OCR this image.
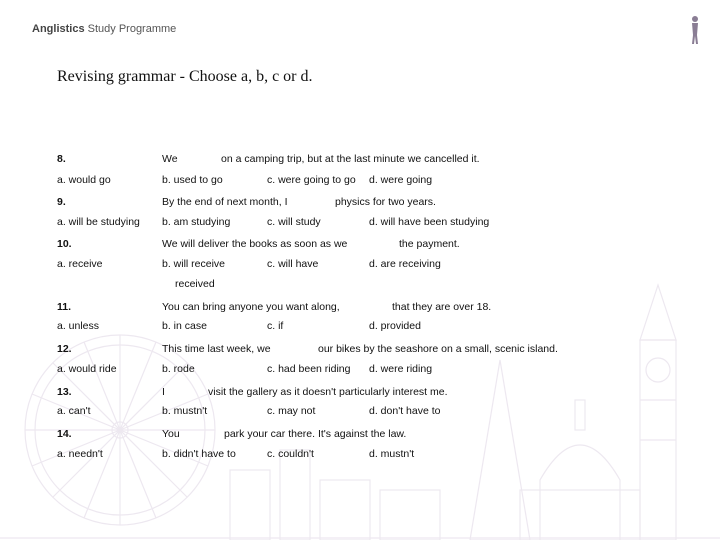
Anglistics Study Programme
Revising grammar - Choose a, b, c or d.
8.	We	on a camping trip, but at the last minute we cancelled it.
a. would go	b. used to go	c. were going to go d. were going
9.	By the end of next month, I	physics for two years.
a. will be studying b. am studying	c. will study	d. will have been studying
10.	We will deliver the books as soon as we	the payment.
a. receive	b. will receive	c. will have	d. are receiving
received
11.	You can bring anyone you want along,	that they are over 18.
a. unless	b. in case	c. if	d. provided
12.	This time last week, we	our bikes by the seashore on a small, scenic island.
a. would ride	b. rode	c. had been riding d. were riding
13.	I	visit the gallery as it doesn't particularly interest me.
a. can't	b. mustn't	c. may not	d. don't have to
14.	You	park your car there. It's against the law.
a. needn't	b. didn't have to	c. couldn't	d. mustn't
